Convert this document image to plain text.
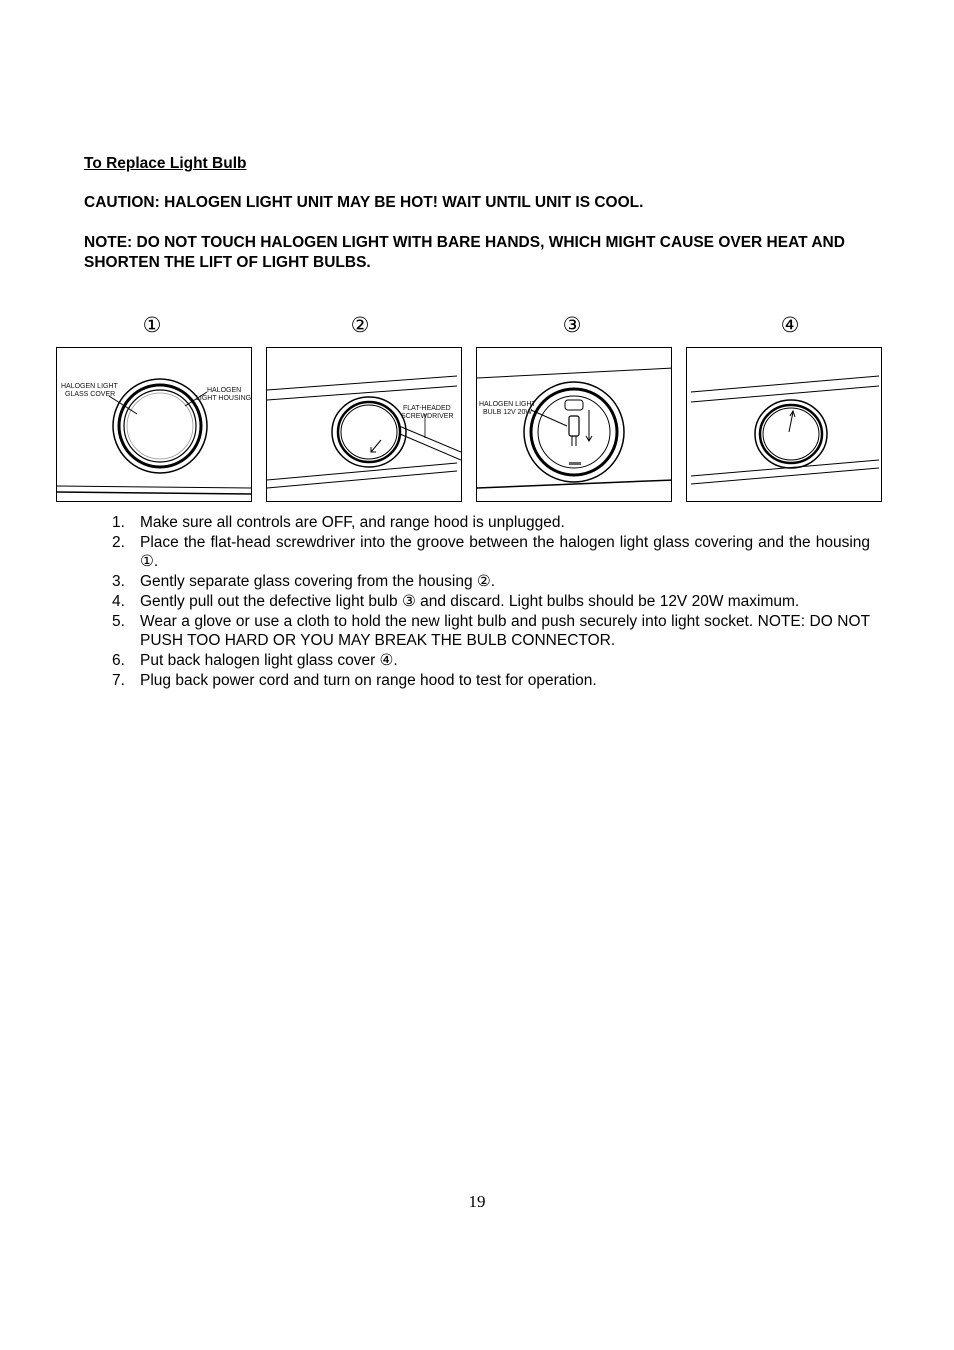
To Replace Light Bulb

CAUTION: HALOGEN LIGHT UNIT MAY BE HOT! WAIT UNTIL UNIT IS COOL.

NOTE: DO NOT TOUCH HALOGEN LIGHT WITH BARE HANDS, WHICH MIGHT CAUSE OVER HEAT AND SHORTEN THE LIFT OF LIGHT BULBS.

①	②	③	④
HALOGEN LIGHT
GLASS COVER
HALOGEN
LIGHT HOUSING
FLAT-HEADED
SCREWDRIVER
HALOGEN LIGHT
BULB 12V 20W
1. Make sure all controls are OFF, and range hood is unplugged.
2. Place the flat-head screwdriver into the groove between the halogen light glass covering and the housing ①.
3. Gently separate glass covering from the housing ②.
4. Gently pull out the defective light bulb ③ and discard. Light bulbs should be 12V 20W maximum.
5. Wear a glove or use a cloth to hold the new light bulb and push securely into light socket. NOTE: DO NOT PUSH TOO HARD OR YOU MAY BREAK THE BULB CONNECTOR.
6. Put back halogen light glass cover ④.
7. Plug back power cord and turn on range hood to test for operation.
19
